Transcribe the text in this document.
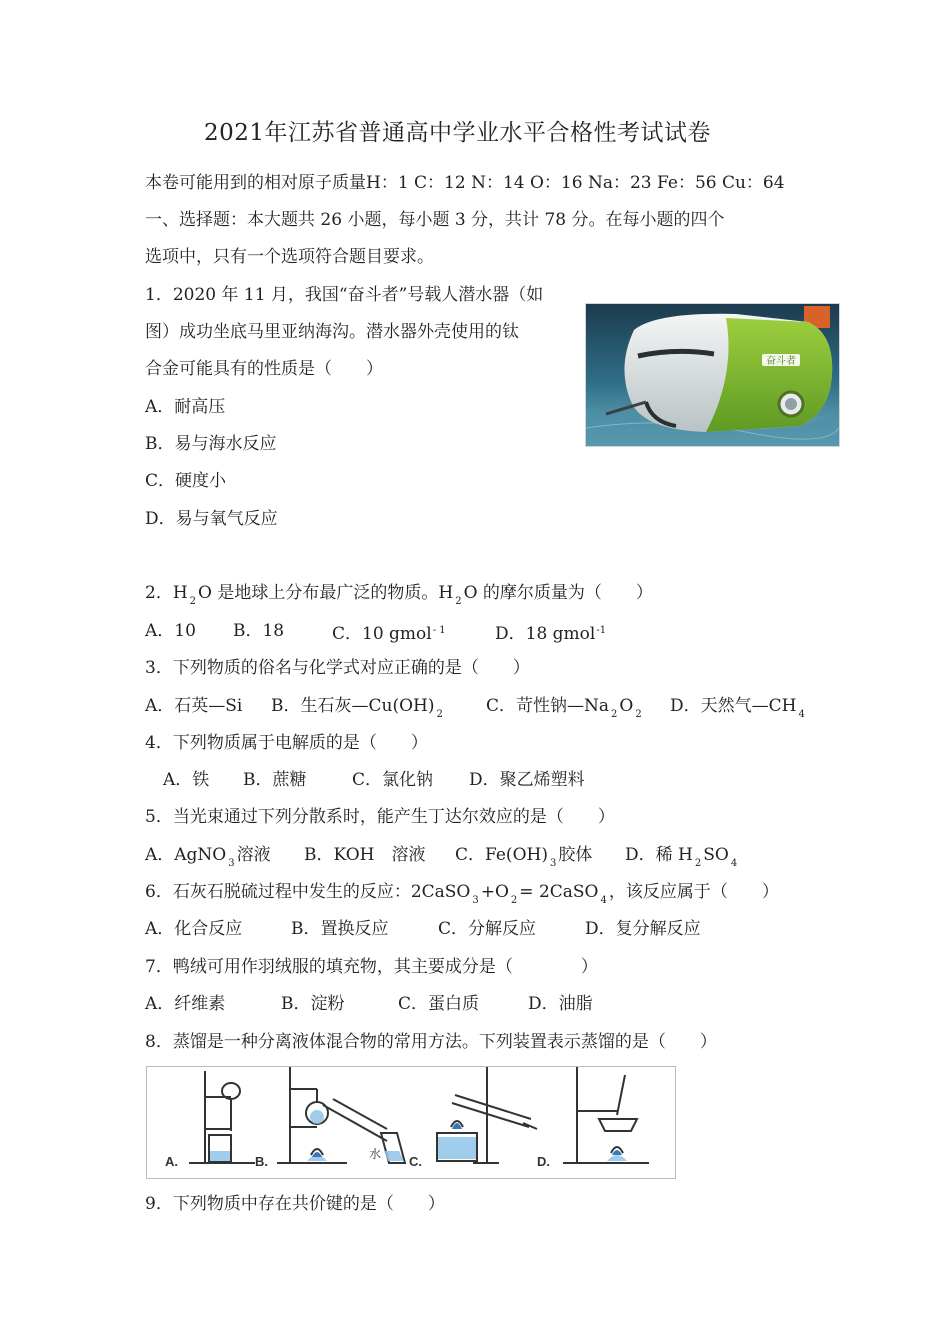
2021年江苏省普通高中学业水平合格性考试试卷
本卷可能用到的相对原子质量H：1 C：12 N：14 O：16 Na：23 Fe：56 Cu：64
一、选择题：本大题共 26 小题，每小题 3 分，共计 78 分。在每小题的四个
选项中，只有一个选项符合题目要求。
1．2020 年 11 月，我国“奋斗者”号载人潜水器（如
图）成功坐底马里亚纳海沟。潜水器外壳使用的钛
合金可能具有的性质是（　　）
A．耐高压
B．易与海水反应
C．硬度小
D．易与氧气反应
奋斗者
2．H $_2$ O 是地球上分布最广泛的物质。H $_2$ O 的摩尔质量为（　　）
A．10 B．18	C．10 gmol$^{- 1}$	D．18 gmol$^{-1}$
3．下列物质的俗名与化学式对应正确的是（　　）
A．石英—Si B．生石灰—Cu(OH) $_2$	C．苛性钠—Na $_2$ O $_2$ D．天然气—CH $_4$
4．下列物质属于电解质的是（　　）
A．铁 B．蔗糖	C．氯化钠 D．聚乙烯塑料
5．当光束通过下列分散系时，能产生丁达尔效应的是（　　）
A．AgNO $_3$ 溶液 B．KOH　溶液 C．Fe(OH) $_3$ 胶体 D．稀 H $_2$ SO $_4$
6．石灰石脱硫过程中发生的反应：2CaSO $_3$ +O $_2$ = 2CaSO $_4$ ，该反应属于（　　）
A．化合反应	B．置换反应	C．分解反应	D．复分解反应
7．鸭绒可用作羽绒服的填充物，其主要成分是（　　　　）
A．纤维素	B．淀粉	C．蛋白质	D．油脂
8．蒸馏是一种分离液体混合物的常用方法。下列装置表示蒸馏的是（　　）
A.	B.	C.	D.
水
9．下列物质中存在共价键的是（　　）
